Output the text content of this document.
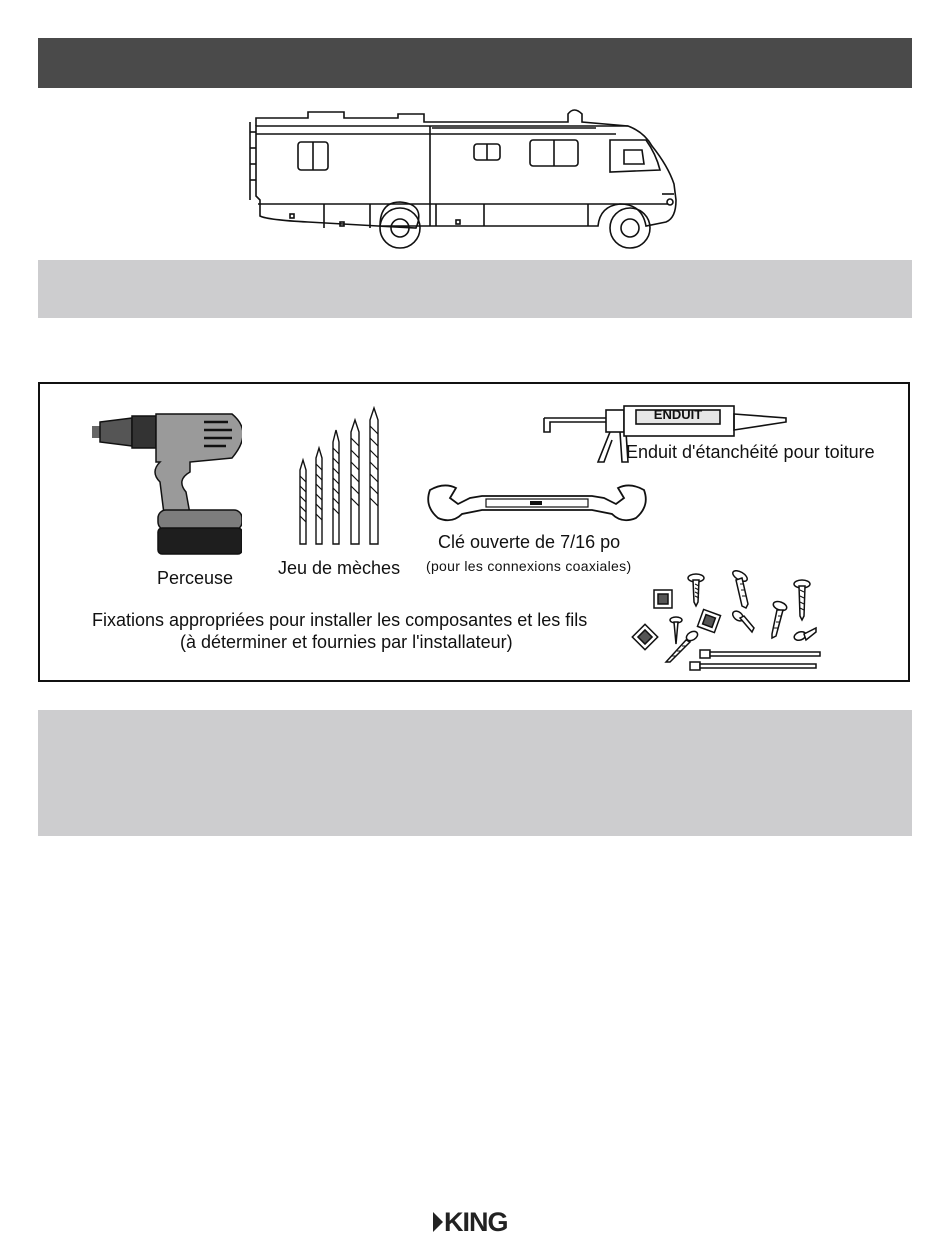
Perceuse Jeu de mèches
ENDUIT
Enduit d'étanchéité pour toiture
Clé ouverte de 7/16 po
(pour les connexions coaxiales)
Fixations appropriées pour installer les composantes et les fils
(à déterminer et fournies par l'installateur)
KING
